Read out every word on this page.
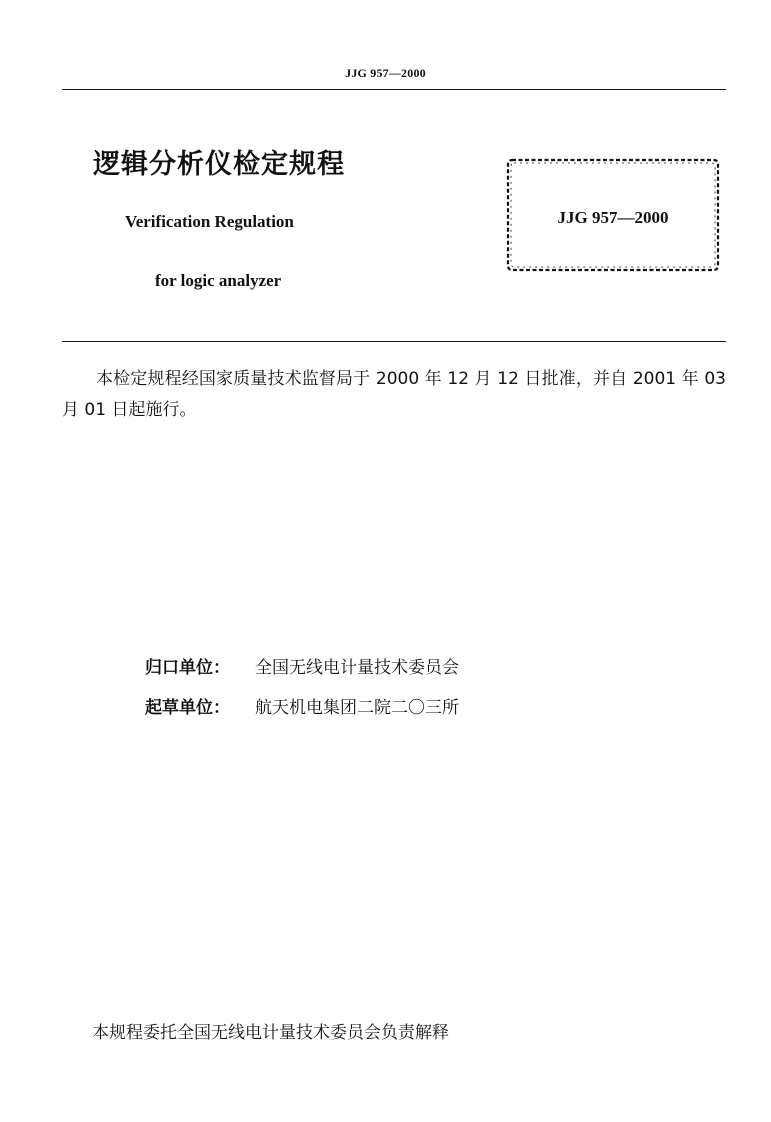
JJG 957—2000
逻辑分析仪检定规程
Verification Regulation
for logic analyzer
JJG 957—2000
本检定规程经国家质量技术监督局于 2000 年 12 月 12 日批准，并自 2001 年 03 月 01 日起施行。
归口单位： 全国无线电计量技术委员会
起草单位： 航天机电集团二院二〇三所
本规程委托全国无线电计量技术委员会负责解释
